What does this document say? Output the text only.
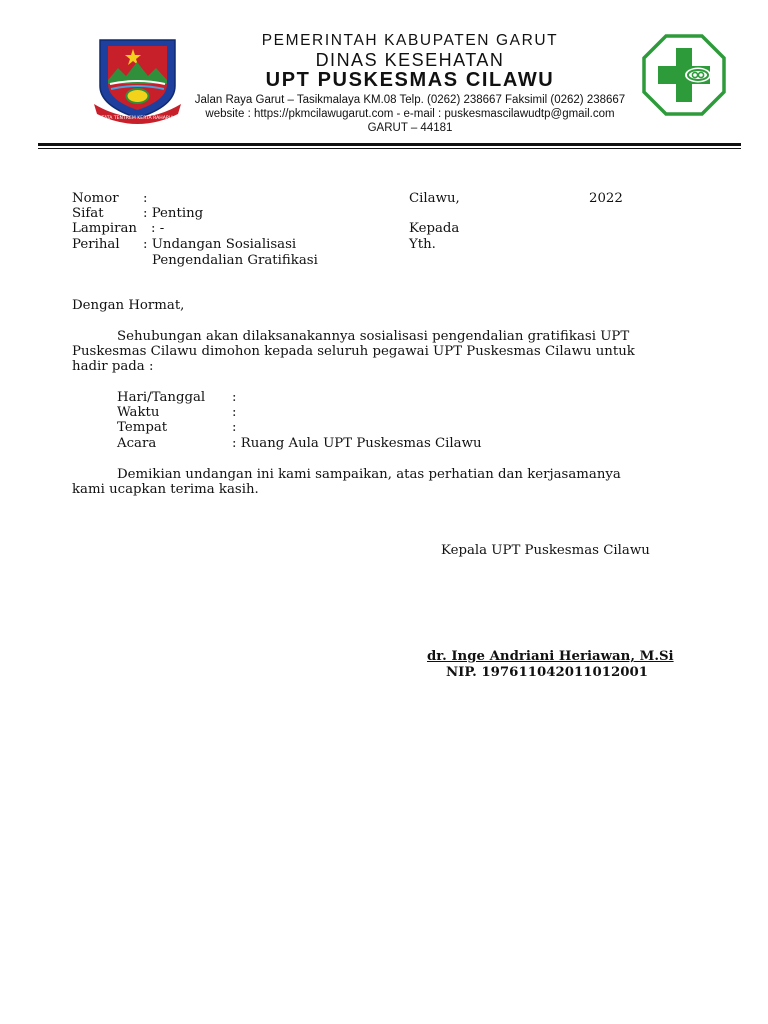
TATA TENTREM KERTA RAHARJA
PEMERINTAH KABUPATEN GARUT
DINAS KESEHATAN
UPT PUSKESMAS CILAWU
Jalan Raya Garut – Tasikmalaya KM.08 Telp. (0262) 238667 Faksimil (0262) 238667
website : https://pkmcilawugarut.com - e-mail : puskesmascilawudtp@gmail.com
GARUT – 44181
Nomor :
Sifat	: Penting
Lampiran : -
Perihal : Undangan Sosialisasi
Pengendalian Gratifikasi
Cilawu,	2022
Kepada
Yth.
Dengan Hormat,
Sehubungan akan dilaksanakannya sosialisasi pengendalian gratifikasi UPT
Puskesmas Cilawu dimohon kepada seluruh pegawai UPT Puskesmas Cilawu untuk
hadir pada :
Hari/Tanggal :
Waktu	:
Tempat	:
Acara	: Ruang Aula UPT Puskesmas Cilawu
Demikian undangan ini kami sampaikan, atas perhatian dan kerjasamanya
kami ucapkan terima kasih.
Kepala UPT Puskesmas Cilawu
dr. Inge Andriani Heriawan, M.Si
NIP. 197611042011012001
